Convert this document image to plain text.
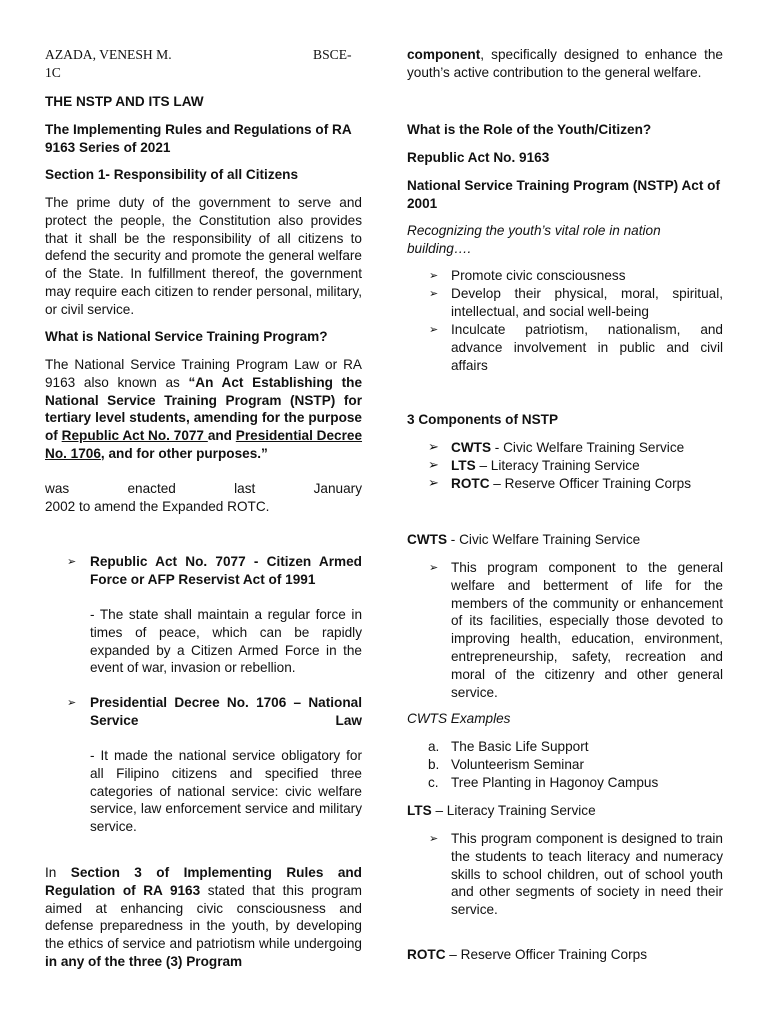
AZADA, VENESH M.	BSCE-
1C

THE NSTP AND ITS LAW

The Implementing Rules and Regulations of RA 9163 Series of 2021

Section 1- Responsibility of all Citizens

The prime duty of the government to serve and protect the people, the Constitution also provides that it shall be the responsibility of all citizens to defend the security and promote the general welfare of the State. In fulfillment thereof, the government may require each citizen to render personal, military, or civil service.

What is National Service Training Program?

The National Service Training Program Law or RA 9163 also known as “An Act Establishing the National Service Training Program (NSTP) for tertiary level students, amending for the purpose of Republic Act No. 7077 and Presidential Decree No. 1706, and for other purposes.”

was enacted last January

2002 to amend the Expanded ROTC.

➢	Republic Act No. 7077 - Citizen Armed Force or AFP Reservist Act of 1991

- The state shall maintain a regular force in times of peace, which can be rapidly expanded by a Citizen Armed Force in the event of war, invasion or rebellion.

➢	Presidential Decree No. 1706 – National Service Law

- It made the national service obligatory for all Filipino citizens and specified three categories of national service: civic welfare service, law enforcement service and military service.

In Section 3 of Implementing Rules and Regulation of RA 9163 stated that this program aimed at enhancing civic consciousness and defense preparedness in the youth, by developing the ethics of service and patriotism while undergoing in any of the three (3) Program

component, specifically designed to enhance the youth’s active contribution to the general welfare.

What is the Role of the Youth/Citizen?

Republic Act No. 9163

National Service Training Program (NSTP) Act of 2001

Recognizing the youth’s vital role in nation building….

➢ Promote civic consciousness

➢ Develop their physical, moral, spiritual, intellectual, and social well-being

➢ Inculcate patriotism, nationalism, and advance involvement in public and civil affairs

3 Components of NSTP

➢ CWTS - Civic Welfare Training Service

➢ LTS – Literacy Training Service

➢ ROTC – Reserve Officer Training Corps

CWTS - Civic Welfare Training Service

➢ This program component to the general welfare and betterment of life for the members of the community or enhancement of its facilities, especially those devoted to improving health, education, environment, entrepreneurship, safety, recreation and moral of the citizenry and other general service.

CWTS Examples

a. The Basic Life Support

b. Volunteerism Seminar

c. Tree Planting in Hagonoy Campus

LTS – Literacy Training Service

➢ This program component is designed to train the students to teach literacy and numeracy skills to school children, out of school youth and other segments of society in need their service.

ROTC – Reserve Officer Training Corps
